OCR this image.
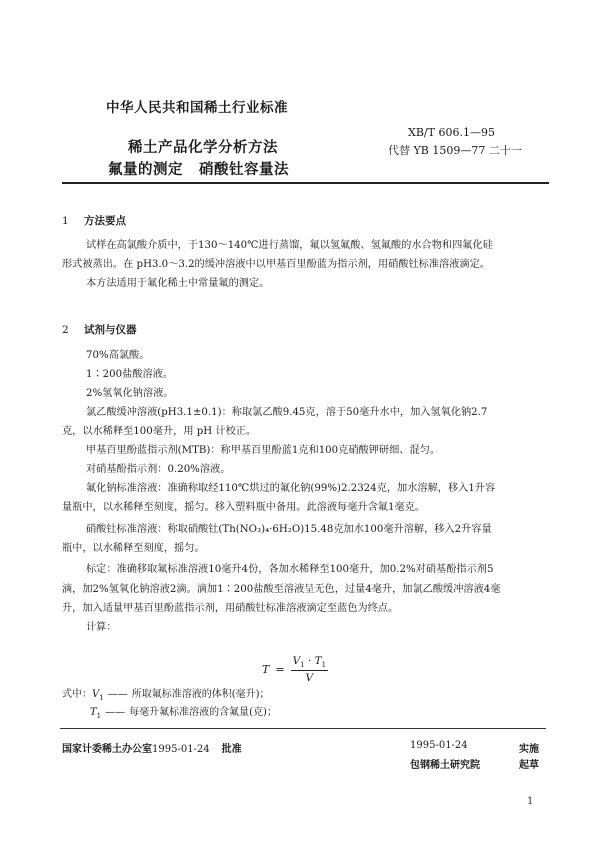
中华人民共和国稀土行业标准
稀土产品化学分析方法
氟量的测定 硝酸钍容量法
XB/T 606.1—95
代替 YB 1509—77 二十一
1 方法要点
试样在高氯酸介质中，于130～140℃进行蒸馏，氟以氢氟酸、氢氟酸的水合物和四氟化硅
形式被蒸出。在 pH3.0～3.2的缓冲溶液中以甲基百里酚蓝为指示剂，用硝酸钍标准溶液滴定。
本方法适用于氟化稀土中常量氟的测定。
2 试剂与仪器
70%高氯酸。
1∶200盐酸溶液。
2%氢氧化钠溶液。
氯乙酸缓冲溶液(pH3.1±0.1)：称取氯乙酸9.45克，溶于50毫升水中，加入氢氧化钠2.7
克，以水稀释至100毫升，用 pH 计校正。
甲基百里酚蓝指示剂(MTB)：称甲基百里酚蓝1克和100克硝酸钾研细、混匀。
对硝基酚指示剂：0.20%溶液。
氟化钠标准溶液：准确称取经110℃烘过的氟化钠(99%)2.2324克，加水溶解，移入1升容
量瓶中，以水稀释至刻度，摇匀。移入塑料瓶中备用。此溶液每毫升含氟1毫克。
硝酸钍标准溶液：称取硝酸钍(Th(NO₃)₄·6H₂O)15.48克加水100毫升溶解，移入2升容量
瓶中，以水稀释至刻度，摇匀。
标定：准确移取氟标准溶液10毫升4份，各加水稀释至100毫升，加0.2%对硝基酚指示剂5
滴，加2%氢氧化钠溶液2滴。滴加1∶200盐酸至溶液呈无色，过量4毫升，加氯乙酸缓冲溶液4毫
升，加入适量甲基百里酚蓝指示剂，用硝酸钍标准溶液滴定至蓝色为终点。
计算：
$T = \frac{V_1 \cdot T_1}{V}$
式中：$V_1$ —— 所取氟标准溶液的体积(毫升)；
$T_1$ —— 每毫升氟标准溶液的含氟量(克)；
国家计委稀土办公室1995-01-24 批准	1995-01-24	实施
包钢稀土研究院	起草
1
